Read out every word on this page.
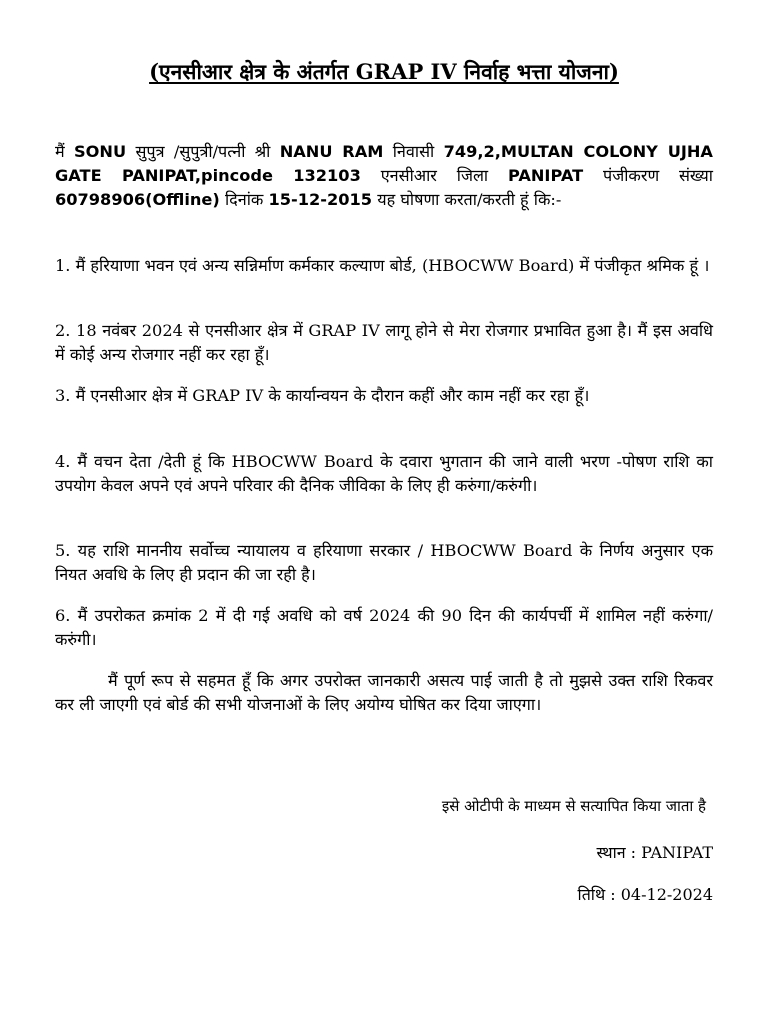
(एनसीआर क्षेत्र के अंतर्गत GRAP IV निर्वाह भत्ता योजना)

मैं SONU सुपुत्र /सुपुत्री/पत्नी श्री NANU RAM निवासी 749,2,MULTAN COLONY UJHA GATE PANIPAT,pincode 132103 एनसीआर जिला PANIPAT पंजीकरण संख्या 60798906(Offline) दिनांक 15-12-2015 यह घोषणा करता/करती हूं कि:-

1. मैं हरियाणा भवन एवं अन्य सन्निर्माण कर्मकार कल्याण बोर्ड, (HBOCWW Board) में पंजीकृत श्रमिक हूं ।
2. 18 नवंबर 2024 से एनसीआर क्षेत्र में GRAP IV लागू होने से मेरा रोजगार प्रभावित हुआ है। मैं इस अवधि में कोई अन्य रोजगार नहीं कर रहा हूँ।
3. मैं एनसीआर क्षेत्र में GRAP IV के कार्यान्वयन के दौरान कहीं और काम नहीं कर रहा हूँ।
4. मैं वचन देता /देती हूं कि HBOCWW Board के दवारा भुगतान की जाने वाली भरण -पोषण राशि का उपयोग केवल अपने एवं अपने परिवार की दैनिक जीविका के लिए ही करुंगा/करुंगी।
5. यह राशि माननीय सर्वोच्च न्यायालय व हरियाणा सरकार / HBOCWW Board के निर्णय अनुसार एक नियत अवधि के लिए ही प्रदान की जा रही है।
6. मैं उपरोकत क्रमांक 2 में दी गई अवधि को वर्ष 2024 की 90 दिन की कार्यपर्ची में शामिल नहीं करुंगा/करुंगी।
मैं पूर्ण रूप से सहमत हूँ कि अगर उपरोक्त जानकारी असत्य पाई जाती है तो मुझसे उक्त राशि रिकवर कर ली जाएगी एवं बोर्ड की सभी योजनाओं के लिए अयोग्य घोषित कर दिया जाएगा।
इसे ओटीपी के माध्यम से सत्यापित किया जाता है
स्थान : PANIPAT
तिथि : 04-12-2024
